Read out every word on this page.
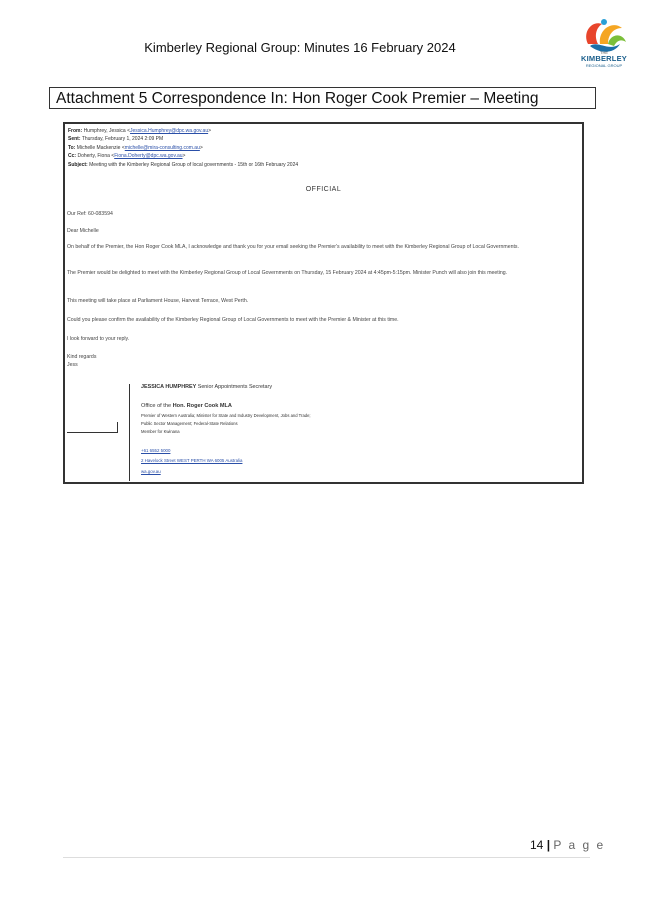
Kimberley Regional Group: Minutes 16 February 2024	THE
KIMBERLEY
REGIONAL GROUP
Attachment 5 Correspondence In: Hon Roger Cook Premier – Meeting
From: Humphrey, Jessica <Jessica.Humphrey@dpc.wa.gov.au>
Sent: Thursday, February 1, 2024 2:09 PM
To: Michelle Mackenzie <michelle@mira-consulting.com.au>
Cc: Doherty, Fiona <Fiona.Doherty@dpc.wa.gov.au>
Subject: Meeting with the Kimberley Regional Group of local governments - 15th or 16th February 2024
OFFICIAL
Our Ref: 60-083594
Dear Michelle
On behalf of the Premier, the Hon Roger Cook MLA, I acknowledge and thank you for your email seeking the Premier's availability to meet with the Kimberley Regional Group of Local Governments.
The Premier would be delighted to meet with the Kimberley Regional Group of Local Governments on Thursday, 15 February 2024 at 4:45pm-5:15pm. Minister Punch will also join this meeting.
This meeting will take place at Parliament House, Harvest Terrace, West Perth.
Could you please confirm the availability of the Kimberley Regional Group of Local Governments to meet with the Premier & Minister at this time.
I look forward to your reply.
Kind regards
Jess
JESSICA HUMPHREY Senior Appointments Secretary
Office of the Hon. Roger Cook MLA
Premier of Western Australia; Minister for State and Industry Development, Jobs and Trade;
Public Sector Management; Federal-State Relations
Member for Kwinana
+61 6552 5000
2 Havelock Street WEST PERTH WA 6005 Australia
wa.gov.au
14 | P a g e
